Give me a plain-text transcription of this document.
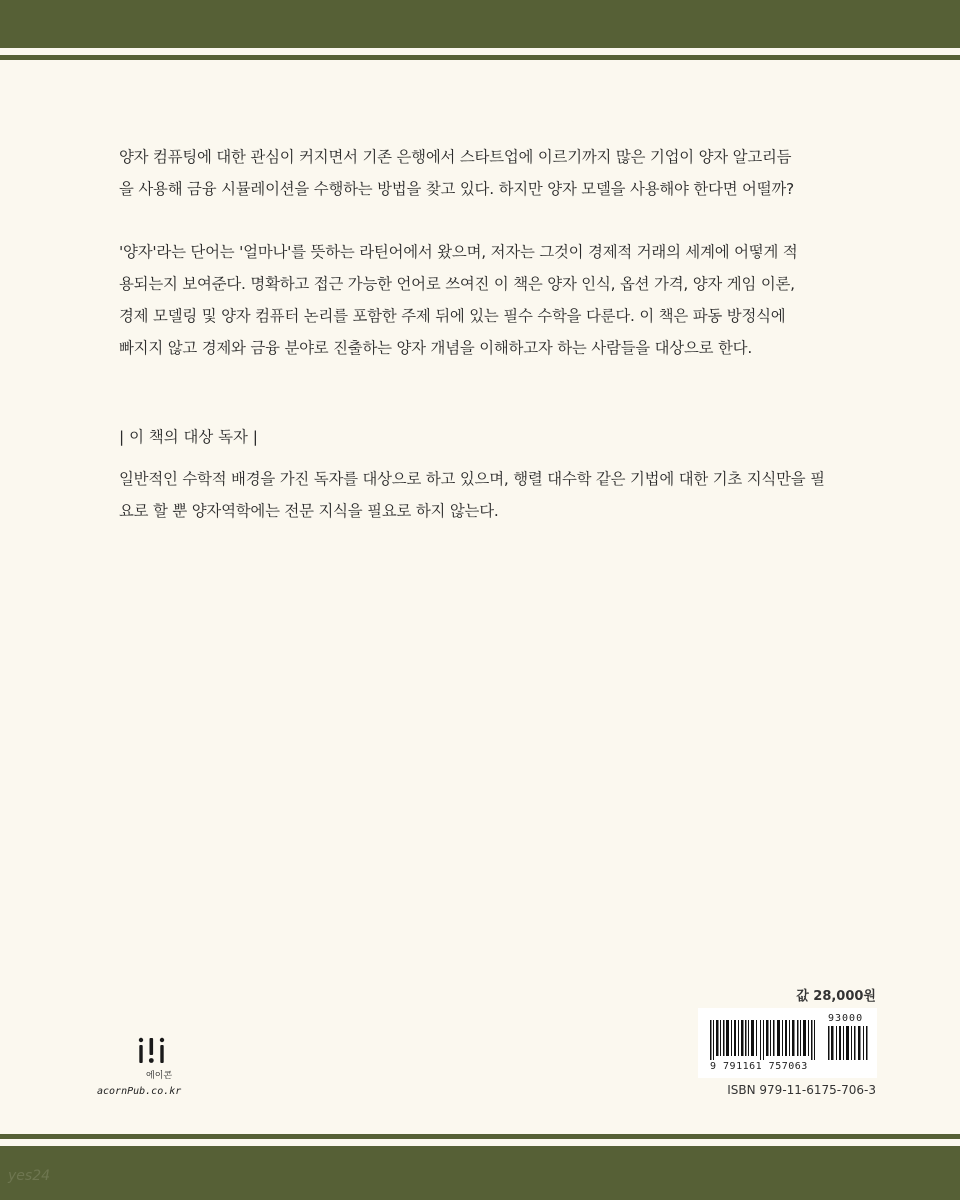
양자 컴퓨팅에 대한 관심이 커지면서 기존 은행에서 스타트업에 이르기까지 많은 기업이 양자 알고리듬
을 사용해 금융 시뮬레이션을 수행하는 방법을 찾고 있다. 하지만 양자 모델을 사용해야 한다면 어떨까?
'양자'라는 단어는 '얼마나'를 뜻하는 라틴어에서 왔으며, 저자는 그것이 경제적 거래의 세계에 어떻게 적
용되는지 보여준다. 명확하고 접근 가능한 언어로 쓰여진 이 책은 양자 인식, 옵션 가격, 양자 게임 이론,
경제 모델링 및 양자 컴퓨터 논리를 포함한 주제 뒤에 있는 필수 수학을 다룬다. 이 책은 파동 방정식에
빠지지 않고 경제와 금융 분야로 진출하는 양자 개념을 이해하고자 하는 사람들을 대상으로 한다.
| 이 책의 대상 독자 |
일반적인 수학적 배경을 가진 독자를 대상으로 하고 있으며, 행렬 대수학 같은 기법에 대한 기초 지식만을 필
요로 할 뿐 양자역학에는 전문 지식을 필요로 하지 않는다.
값 28,000원
93000
9 791161 757063
ISBN 979-11-6175-706-3
에이콘
acornPub.co.kr
yes24
